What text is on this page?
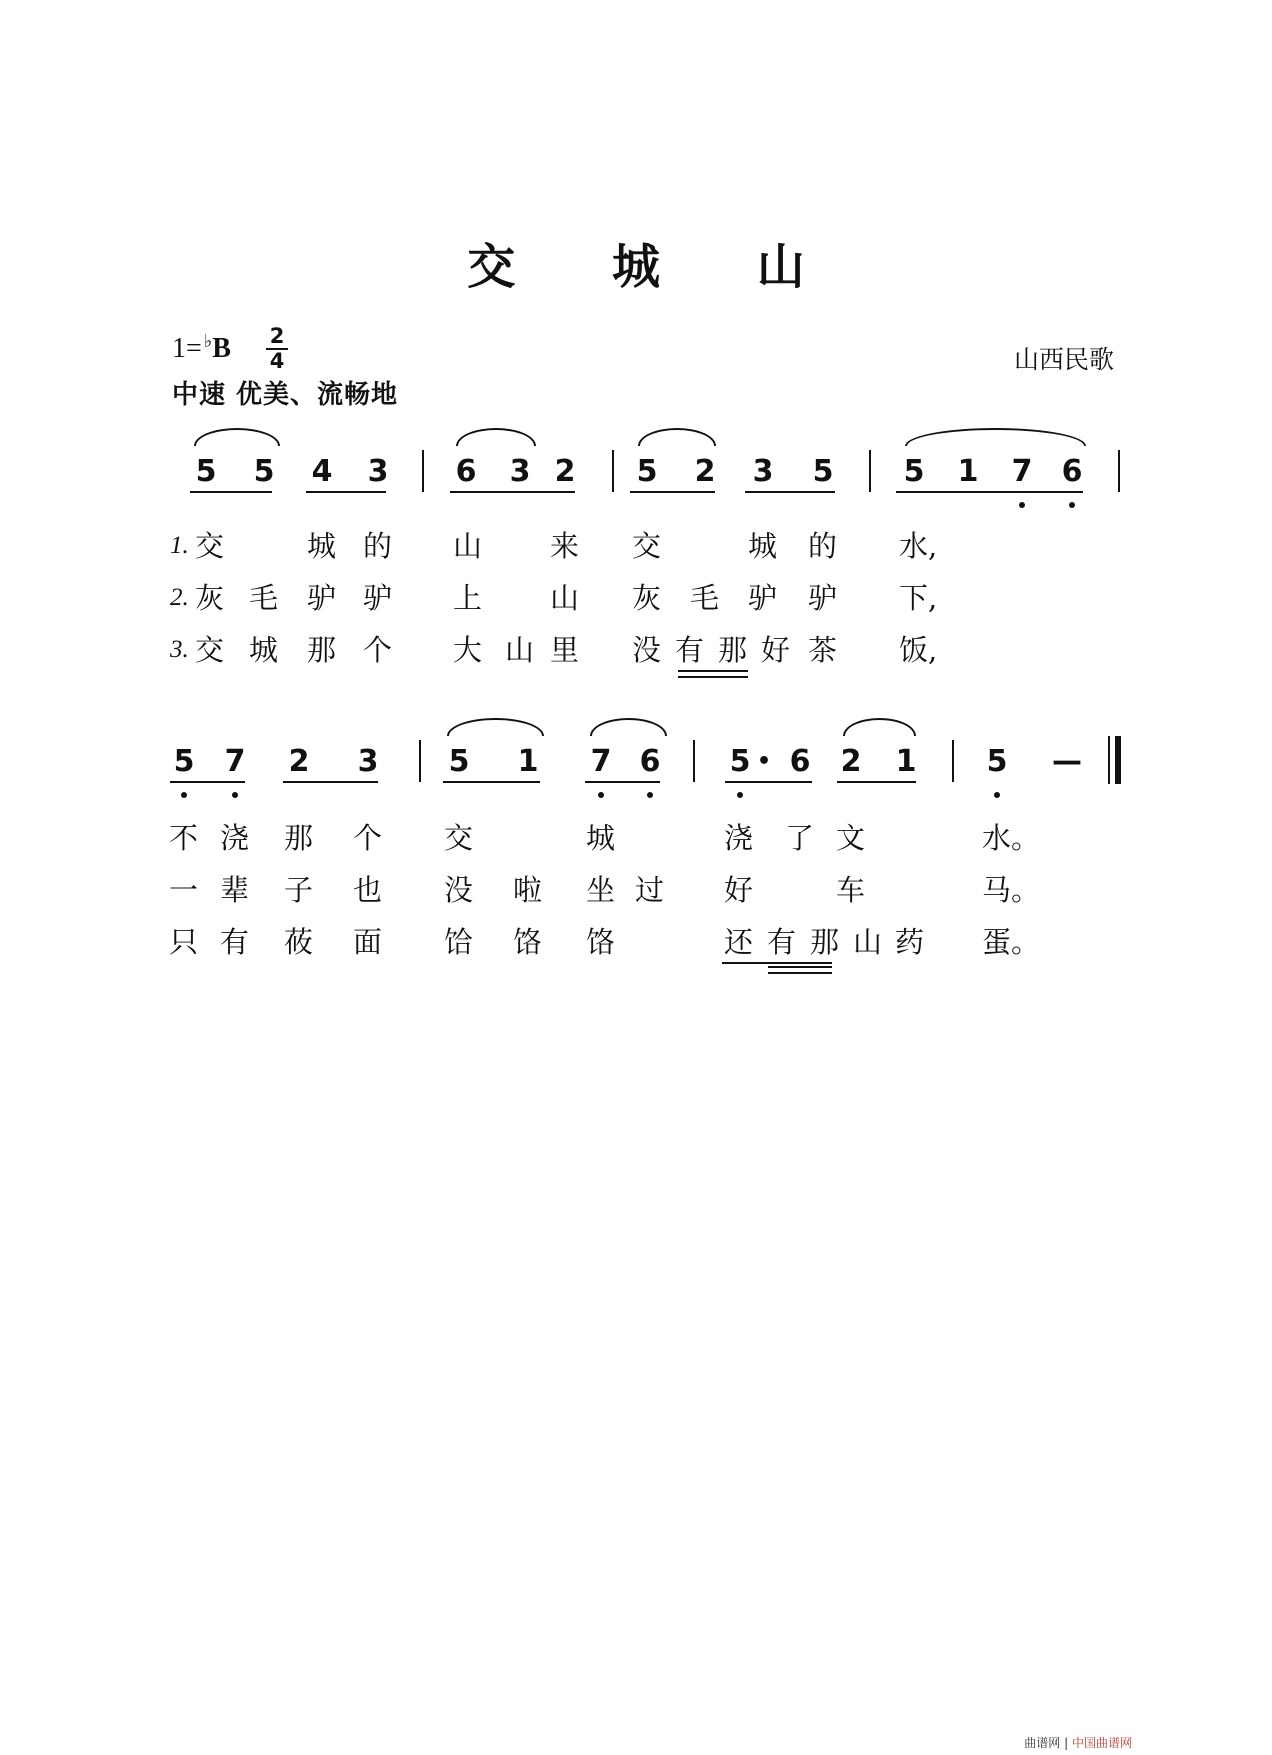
交 城 山
1= ♭B 2
4
中速 优美、流畅地
山西民歌
5 5 4 3 6 3 2 5 2 3 5 5 1 7 6
5 7 2 3 5 1 7 6 5 6 2 1 5 —
•
1.
2.
3.
交	城 的 山 来 交	城 的 水,
灰 毛 驴 驴 上 山 灰 毛 驴 驴 下,
交 城 那 个 大 山 里 没 有 那 好 茶 饭,
不 浇 那 个 交	城	浇 了 文	水。
一 辈 子 也 没 啦 坐 过 好	车	马。
只 有 莜 面 饸 饹 饹	还 有 那 山 药 蛋。
曲谱网 | 中国曲谱网
